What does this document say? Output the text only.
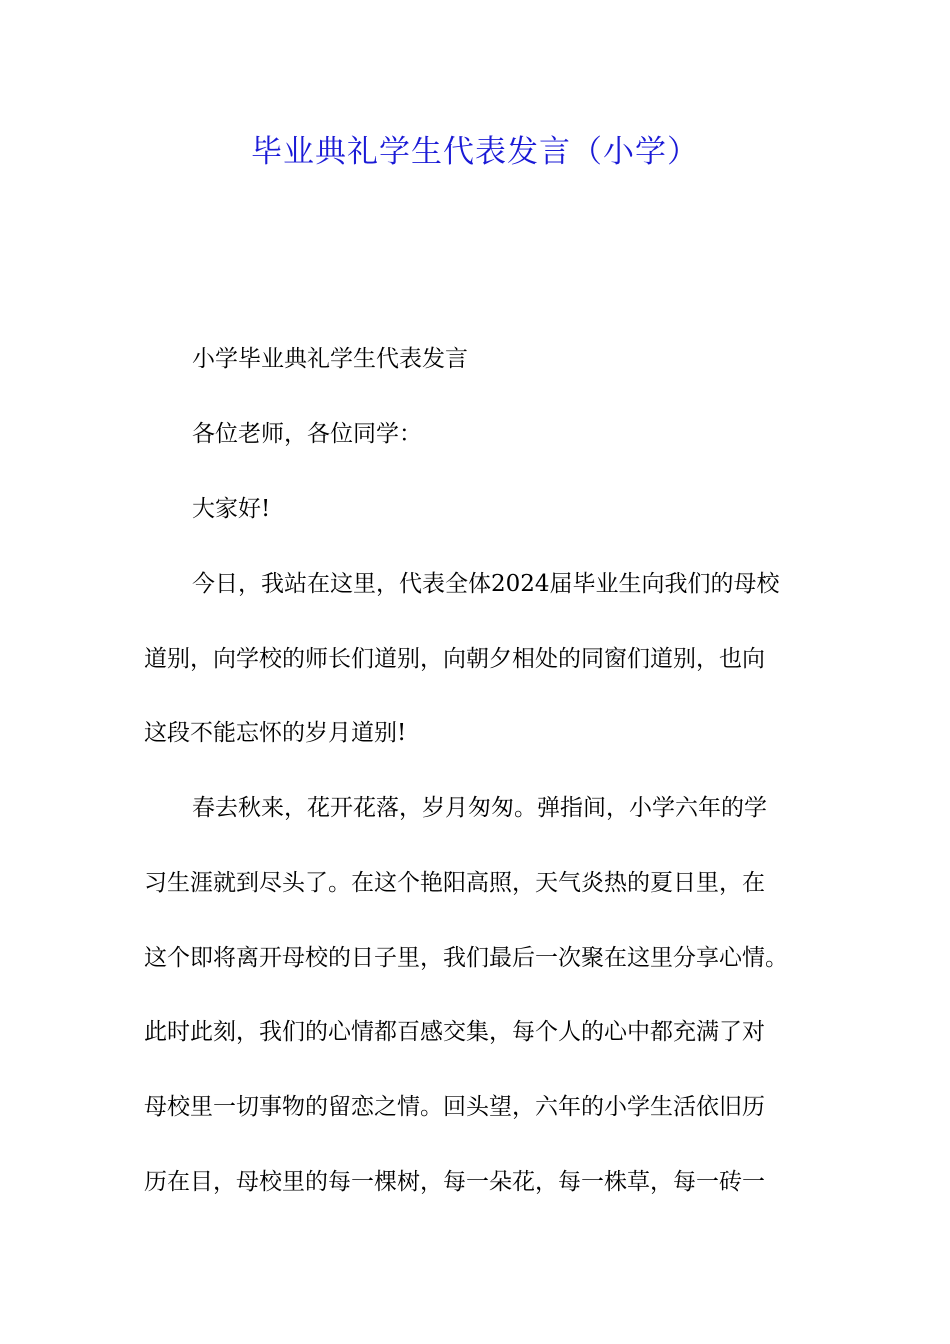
毕业典礼学生代表发言（小学）

小学毕业典礼学生代表发言

各位老师，各位同学：

大家好!

今日，我站在这里，代表全体2024届毕业生向我们的母校

道别，向学校的师长们道别，向朝夕相处的同窗们道别，也向

这段不能忘怀的岁月道别!

春去秋来，花开花落，岁月匆匆。弹指间，小学六年的学

习生涯就到尽头了。在这个艳阳高照，天气炎热的夏日里，在

这个即将离开母校的日子里，我们最后一次聚在这里分享心情。

此时此刻，我们的心情都百感交集，每个人的心中都充满了对

母校里一切事物的留恋之情。回头望，六年的小学生活依旧历

历在目，母校里的每一棵树，每一朵花，每一株草，每一砖一
